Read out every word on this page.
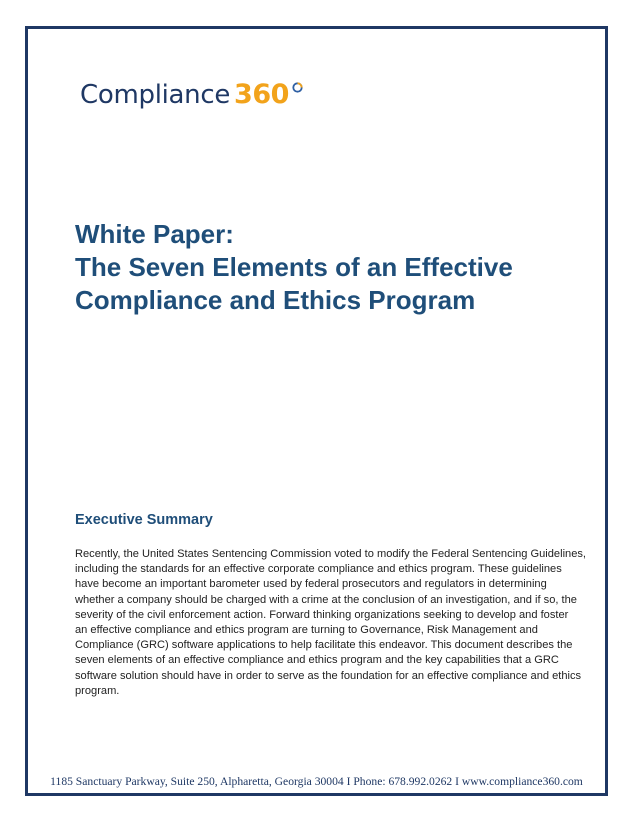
Compliance 360
White Paper:
The Seven Elements of an Effective
Compliance and Ethics Program
Executive Summary

Recently, the United States Sentencing Commission voted to modify the Federal Sentencing Guidelines,
including the standards for an effective corporate compliance and ethics program. These guidelines
have become an important barometer used by federal prosecutors and regulators in determining
whether a company should be charged with a crime at the conclusion of an investigation, and if so, the
severity of the civil enforcement action. Forward thinking organizations seeking to develop and foster
an effective compliance and ethics program are turning to Governance, Risk Management and
Compliance (GRC) software applications to help facilitate this endeavor. This document describes the
seven elements of an effective compliance and ethics program and the key capabilities that a GRC
software solution should have in order to serve as the foundation for an effective compliance and ethics
program.

1185 Sanctuary Parkway, Suite 250, Alpharetta, Georgia 30004 I Phone: 678.992.0262 I www.compliance360.com
